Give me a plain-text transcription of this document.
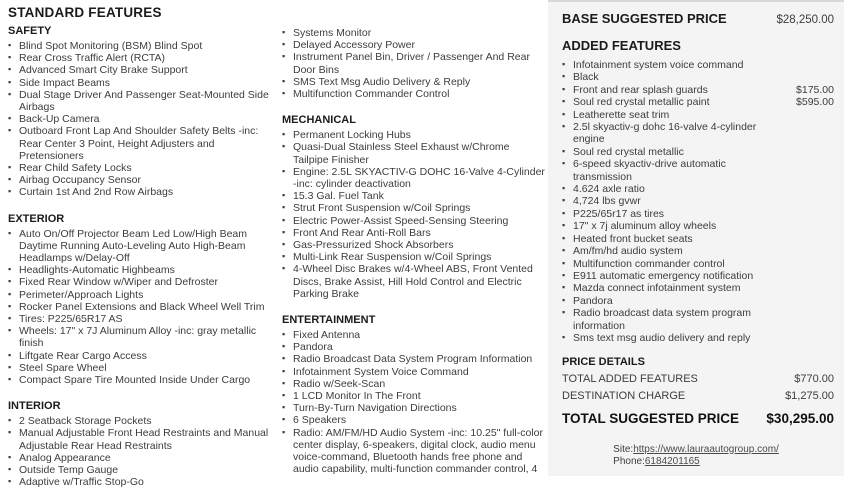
STANDARD FEATURES
SAFETY
▪ Blind Spot Monitoring (BSM) Blind Spot
▪ Rear Cross Traffic Alert (RCTA)
▪ Advanced Smart City Brake Support
▪ Side Impact Beams
▪ Dual Stage Driver And Passenger Seat-Mounted Side Airbags
▪ Back-Up Camera
▪ Outboard Front Lap And Shoulder Safety Belts -inc: Rear Center 3 Point, Height Adjusters and Pretensioners
▪ Rear Child Safety Locks
▪ Airbag Occupancy Sensor
▪ Curtain 1st And 2nd Row Airbags
EXTERIOR
▪ Auto On/Off Projector Beam Led Low/High Beam Daytime Running Auto-Leveling Auto High-Beam Headlamps w/Delay-Off
▪ Headlights-Automatic Highbeams
▪ Fixed Rear Window w/Wiper and Defroster
▪ Perimeter/Approach Lights
▪ Rocker Panel Extensions and Black Wheel Well Trim
▪ Tires: P225/65R17 AS
▪ Wheels: 17" x 7J Aluminum Alloy -inc: gray metallic finish
▪ Liftgate Rear Cargo Access
▪ Steel Spare Wheel
▪ Compact Spare Tire Mounted Inside Under Cargo
INTERIOR
▪ 2 Seatback Storage Pockets
▪ Manual Adjustable Front Head Restraints and Manual Adjustable Rear Head Restraints
▪ Analog Appearance
▪ Outside Temp Gauge
▪ Adaptive w/Traffic Stop-Go
▪ Systems Monitor
▪ Delayed Accessory Power
▪ Instrument Panel Bin, Driver / Passenger And Rear Door Bins
▪ SMS Text Msg Audio Delivery & Reply
▪ Multifunction Commander Control
MECHANICAL
▪ Permanent Locking Hubs
▪ Quasi-Dual Stainless Steel Exhaust w/Chrome Tailpipe Finisher
▪ Engine: 2.5L SKYACTIV-G DOHC 16-Valve 4-Cylinder -inc: cylinder deactivation
▪ 15.3 Gal. Fuel Tank
▪ Strut Front Suspension w/Coil Springs
▪ Electric Power-Assist Speed-Sensing Steering
▪ Front And Rear Anti-Roll Bars
▪ Gas-Pressurized Shock Absorbers
▪ Multi-Link Rear Suspension w/Coil Springs
▪ 4-Wheel Disc Brakes w/4-Wheel ABS, Front Vented Discs, Brake Assist, Hill Hold Control and Electric Parking Brake
ENTERTAINMENT
▪ Fixed Antenna
▪ Pandora
▪ Radio Broadcast Data System Program Information
▪ Infotainment System Voice Command
▪ Radio w/Seek-Scan
▪ 1 LCD Monitor In The Front
▪ Turn-By-Turn Navigation Directions
▪ 6 Speakers
▪ Radio: AM/FM/HD Audio System -inc: 10.25" full-color center display, 6-speakers, digital clock, audio menu voice-command, Bluetooth hands free phone and audio capability, multi-function commander control, 4
BASE SUGGESTED PRICE	$28,250.00
ADDED FEATURES
▪ Infotainment system voice command
▪ Black
▪ Front and rear splash guards	$175.00
▪ Soul red crystal metallic paint	$595.00
▪ Leatherette seat trim
▪ 2.5l skyactiv-g dohc 16-valve 4-cylinder engine
▪ Soul red crystal metallic
▪ 6-speed skyactiv-drive automatic transmission
▪ 4.624 axle ratio
▪ 4,724 lbs gvwr
▪ P225/65r17 as tires
▪ 17" x 7j aluminum alloy wheels
▪ Heated front bucket seats
▪ Am/fm/hd audio system
▪ Multifunction commander control
▪ E911 automatic emergency notification
▪ Mazda connect infotainment system
▪ Pandora
▪ Radio broadcast data system program information
▪ Sms text msg audio delivery and reply
PRICE DETAILS
TOTAL ADDED FEATURES	$770.00
DESTINATION CHARGE	$1,275.00
TOTAL SUGGESTED PRICE $30,295.00
Site:https://www.lauraautogroup.com/
Phone:6184201165
